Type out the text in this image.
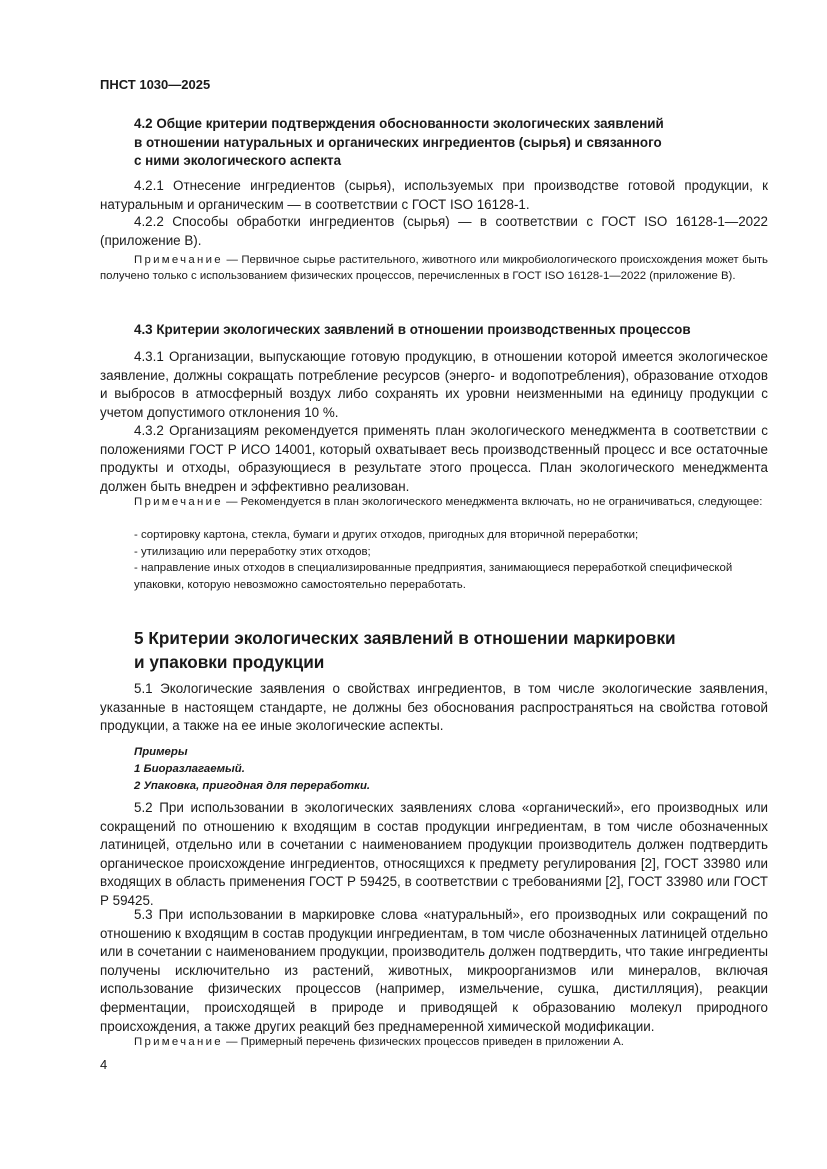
ПНСТ 1030—2025
4.2 Общие критерии подтверждения обоснованности экологических заявлений
в отношении натуральных и органических ингредиентов (сырья) и связанного
с ними экологического аспекта

4.2.1 Отнесение ингредиентов (сырья), используемых при производстве готовой продукции, к натуральным и органическим — в соответствии с ГОСТ ISO 16128-1.

4.2.2 Способы обработки ингредиентов (сырья) — в соответствии с ГОСТ ISO 16128-1—2022 (приложение В).

Примечание — Первичное сырье растительного, животного или микробиологического происхождения может быть получено только с использованием физических процессов, перечисленных в ГОСТ ISO 16128-1—2022 (приложение В).

4.3 Критерии экологических заявлений в отношении производственных процессов

4.3.1 Организации, выпускающие готовую продукцию, в отношении которой имеется экологическое заявление, должны сокращать потребление ресурсов (энерго- и водопотребления), образование отходов и выбросов в атмосферный воздух либо сохранять их уровни неизменными на единицу продукции с учетом допустимого отклонения 10 %.

4.3.2 Организациям рекомендуется применять план экологического менеджмента в соответствии с положениями ГОСТ Р ИСО 14001, который охватывает весь производственный процесс и все остаточные продукты и отходы, образующиеся в результате этого процесса. План экологического менеджмента должен быть внедрен и эффективно реализован.

Примечание — Рекомендуется в план экологического менеджмента включать, но не ограничиваться, следующее:

- сортировку картона, стекла, бумаги и других отходов, пригодных для вторичной переработки;
- утилизацию или переработку этих отходов;
- направление иных отходов в специализированные предприятия, занимающиеся переработкой специфической упаковки, которую невозможно самостоятельно переработать.
5 Критерии экологических заявлений в отношении маркировки
и упаковки продукции

5.1 Экологические заявления о свойствах ингредиентов, в том числе экологические заявления, указанные в настоящем стандарте, не должны без обоснования распространяться на свойства готовой продукции, а также на ее иные экологические аспекты.

Примеры
1 Биоразлагаемый.
2 Упаковка, пригодная для переработки.

5.2 При использовании в экологических заявлениях слова «органический», его производных или сокращений по отношению к входящим в состав продукции ингредиентам, в том числе обозначенных латиницей, отдельно или в сочетании с наименованием продукции производитель должен подтвердить органическое происхождение ингредиентов, относящихся к предмету регулирования [2], ГОСТ 33980 или входящих в область применения ГОСТ Р 59425, в соответствии с требованиями [2], ГОСТ 33980 или ГОСТ Р 59425.

5.3 При использовании в маркировке слова «натуральный», его производных или сокращений по отношению к входящим в состав продукции ингредиентам, в том числе обозначенных латиницей отдельно или в сочетании с наименованием продукции, производитель должен подтвердить, что такие ингредиенты получены исключительно из растений, животных, микроорганизмов или минералов, включая использование физических процессов (например, измельчение, сушка, дистилляция), реакции ферментации, происходящей в природе и приводящей к образованию молекул природного происхождения, а также других реакций без преднамеренной химической модификации.

Примечание — Примерный перечень физических процессов приведен в приложении А.

4
